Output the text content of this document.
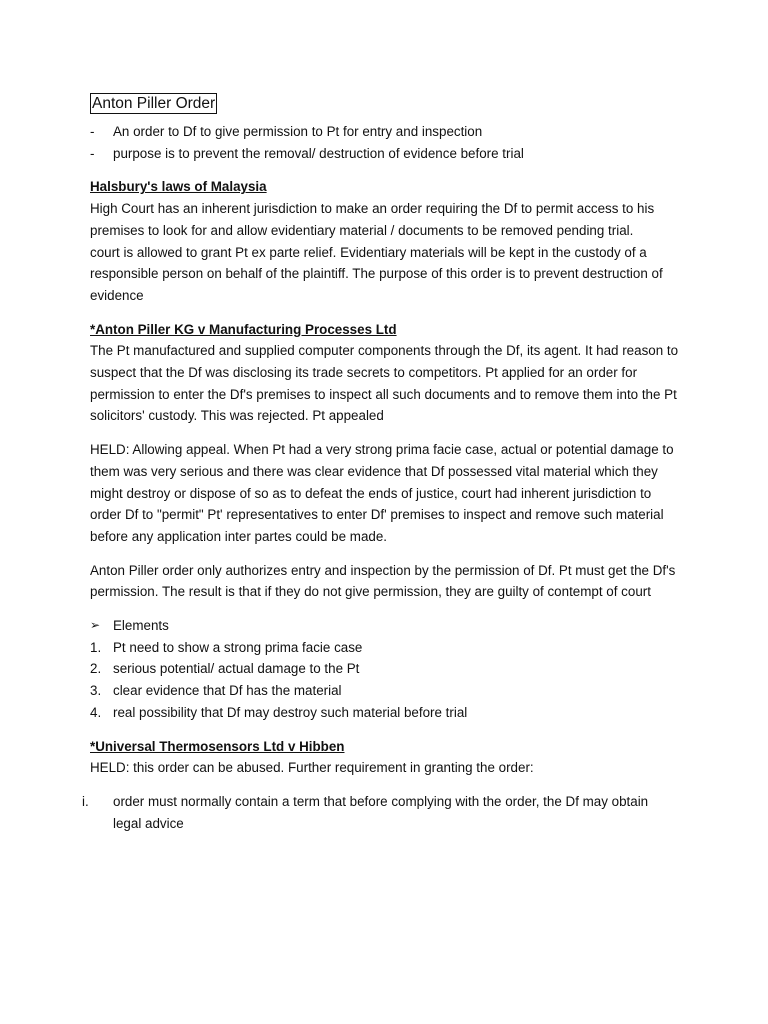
Anton Piller Order
- An order to Df to give permission to Pt for entry and inspection
- purpose is to prevent the removal/ destruction of evidence before trial
Halsbury's laws of Malaysia

High Court has an inherent jurisdiction to make an order requiring the Df to permit access to his premises to look for and allow evidentiary material / documents to be removed pending trial.

court is allowed to grant Pt ex parte relief. Evidentiary materials will be kept in the custody of a responsible person on behalf of the plaintiff. The purpose of this order is to prevent destruction of evidence

*Anton Piller KG v Manufacturing Processes Ltd

The Pt manufactured and supplied computer components through the Df, its agent. It had reason to suspect that the Df was disclosing its trade secrets to competitors. Pt applied for an order for permission to enter the Df's premises to inspect all such documents and to remove them into the Pt solicitors' custody. This was rejected. Pt appealed

HELD: Allowing appeal. When Pt had a very strong prima facie case, actual or potential damage to them was very serious and there was clear evidence that Df possessed vital material which they might destroy or dispose of so as to defeat the ends of justice, court had inherent jurisdiction to order Df to "permit" Pt' representatives to enter Df' premises to inspect and remove such material before any application inter partes could be made.

Anton Piller order only authorizes entry and inspection by the permission of Df. Pt must get the Df's permission. The result is that if they do not give permission, they are guilty of contempt of court

➢ Elements
1. Pt need to show a strong prima facie case
2. serious potential/ actual damage to the Pt
3. clear evidence that Df has the material
4. real possibility that Df may destroy such material before trial
*Universal Thermosensors Ltd v Hibben

HELD: this order can be abused. Further requirement in granting the order:

i. order must normally contain a term that before complying with the order, the Df may obtain legal advice
